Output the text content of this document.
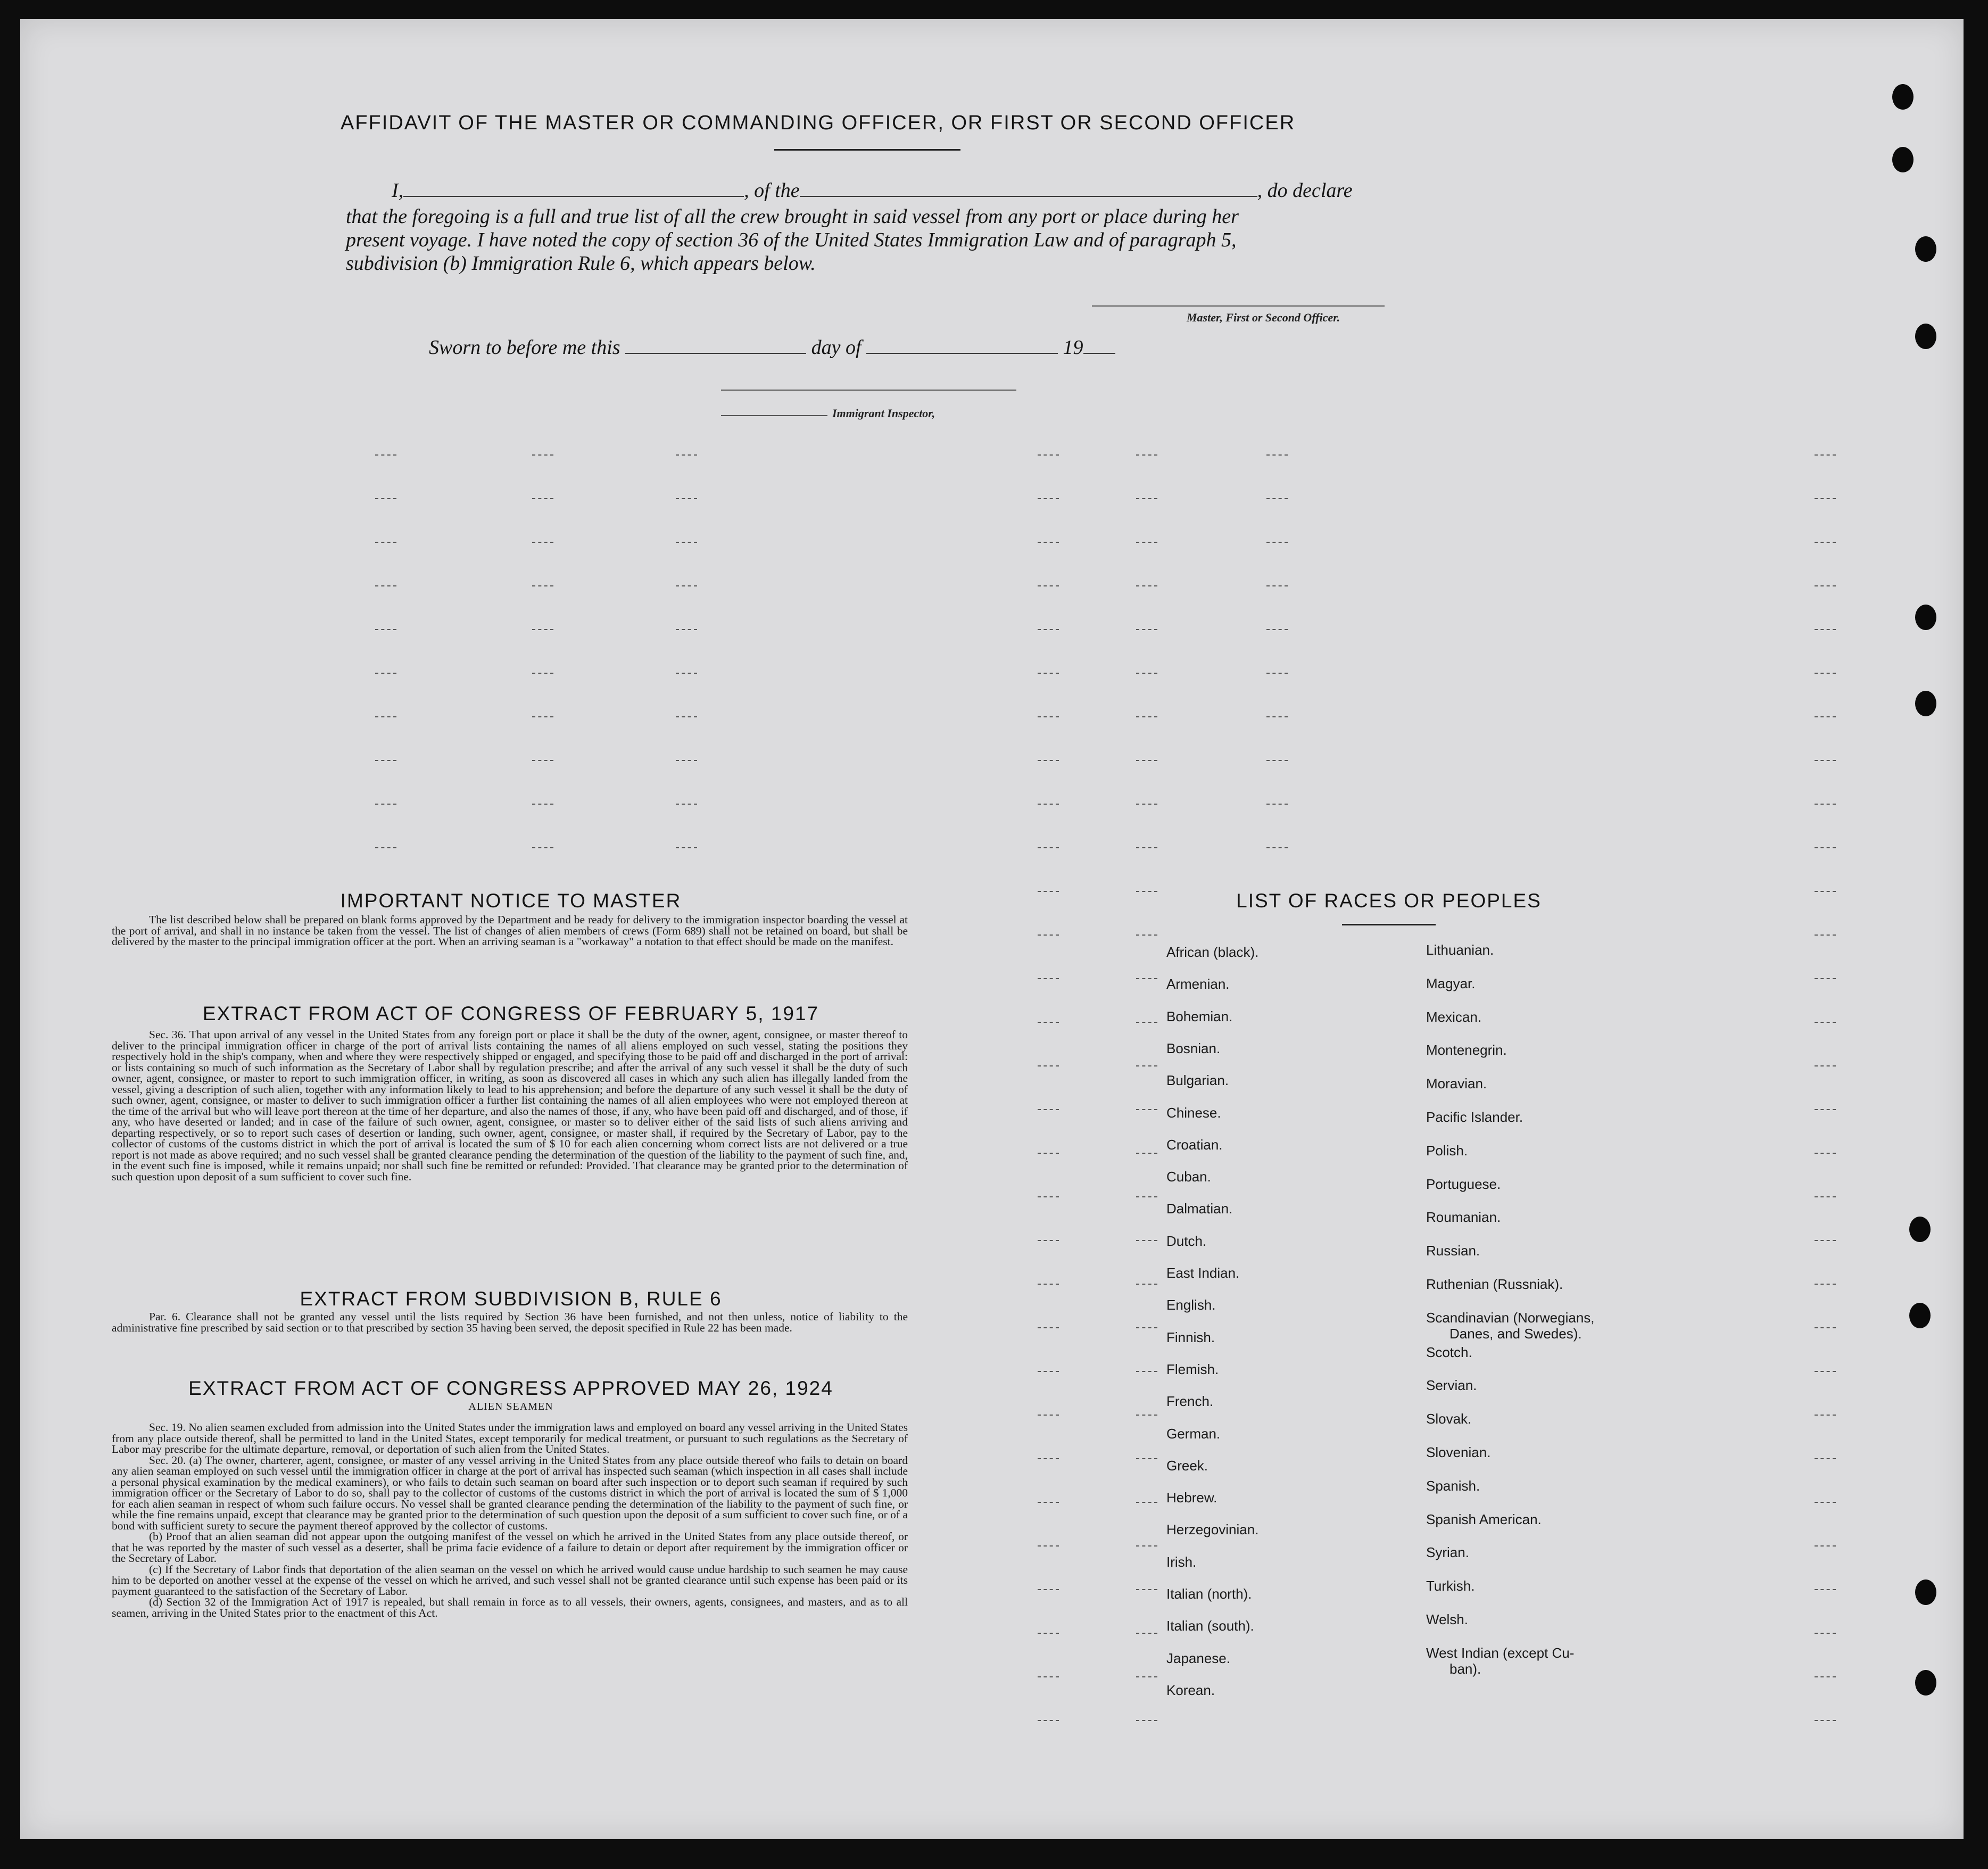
AFFIDAVIT OF THE MASTER OR COMMANDING OFFICER, OR FIRST OR SECOND OFFICER
I,	, of the	, do declare
that the foregoing is a full and true list of all the crew brought in said vessel from any port or place during her
present voyage. I have noted the copy of section 36 of the United States Immigration Law and of paragraph 5,
subdivision (b) Immigration Rule 6, which appears below.
Master, First or Second Officer.
Sworn to before me this	day of	19
Immigrant Inspector,
IMPORTANT NOTICE TO MASTER
The list described below shall be prepared on blank forms approved by the Department and be ready for delivery to the immigration inspector boarding the vessel at the port of arrival, and shall in no instance be taken from the vessel. The list of changes of alien members of crews (Form 689) shall not be retained on board, but shall be delivered by the master to the principal immigration officer at the port. When an arriving seaman is a "workaway" a notation to that effect should be made on the manifest.
EXTRACT FROM ACT OF CONGRESS OF FEBRUARY 5, 1917
Sec. 36. That upon arrival of any vessel in the United States from any foreign port or place it shall be the duty of the owner, agent, consignee, or master thereof to deliver to the principal immigration officer in charge of the port of arrival lists containing the names of all aliens employed on such vessel, stating the positions they respectively hold in the ship's company, when and where they were respectively shipped or engaged, and specifying those to be paid off and discharged in the port of arrival: or lists containing so much of such information as the Secretary of Labor shall by regulation prescribe; and after the arrival of any such vessel it shall be the duty of such owner, agent, consignee, or master to report to such immigration officer, in writing, as soon as discovered all cases in which any such alien has illegally landed from the vessel, giving a description of such alien, together with any information likely to lead to his apprehension; and before the departure of any such vessel it shall be the duty of such owner, agent, consignee, or master to deliver to such immigration officer a further list containing the names of all alien employees who were not employed thereon at the time of the arrival but who will leave port thereon at the time of her departure, and also the names of those, if any, who have been paid off and discharged, and of those, if any, who have deserted or landed; and in case of the failure of such owner, agent, consignee, or master so to deliver either of the said lists of such aliens arriving and departing respectively, or so to report such cases of desertion or landing, such owner, agent, consignee, or master shall, if required by the Secretary of Labor, pay to the collector of customs of the customs district in which the port of arrival is located the sum of $ 10 for each alien concerning whom correct lists are not delivered or a true report is not made as above required; and no such vessel shall be granted clearance pending the determination of the question of the liability to the payment of such fine, and, in the event such fine is imposed, while it remains unpaid; nor shall such fine be remitted or refunded: Provided. That clearance may be granted prior to the determination of such question upon deposit of a sum sufficient to cover such fine.
EXTRACT FROM SUBDIVISION B, RULE 6
Par. 6. Clearance shall not be granted any vessel until the lists required by Section 36 have been furnished, and not then unless, notice of liability to the administrative fine prescribed by said section or to that prescribed by section 35 having been served, the deposit specified in Rule 22 has been made.
EXTRACT FROM ACT OF CONGRESS APPROVED MAY 26, 1924
ALIEN SEAMEN

Sec. 19. No alien seamen excluded from admission into the United States under the immigration laws and employed on board any vessel arriving in the United States from any place outside thereof, shall be permitted to land in the United States, except temporarily for medical treatment, or pursuant to such regulations as the Secretary of Labor may prescribe for the ultimate departure, removal, or deportation of such alien from the United States.

Sec. 20. (a) The owner, charterer, agent, consignee, or master of any vessel arriving in the United States from any place outside thereof who fails to detain on board any alien seaman employed on such vessel until the immigration officer in charge at the port of arrival has inspected such seaman (which inspection in all cases shall include a personal physical examination by the medical examiners), or who fails to detain such seaman on board after such inspection or to deport such seaman if required by such immigration officer or the Secretary of Labor to do so, shall pay to the collector of customs of the customs district in which the port of arrival is located the sum of $ 1,000 for each alien seaman in respect of whom such failure occurs. No vessel shall be granted clearance pending the determination of the liability to the payment of such fine, or while the fine remains unpaid, except that clearance may be granted prior to the determination of such question upon the deposit of a sum sufficient to cover such fine, or of a bond with sufficient surety to secure the payment thereof approved by the collector of customs.

(b) Proof that an alien seaman did not appear upon the outgoing manifest of the vessel on which he arrived in the United States from any place outside thereof, or that he was reported by the master of such vessel as a deserter, shall be prima facie evidence of a failure to detain or deport after requirement by the immigration officer or the Secretary of Labor.

(c) If the Secretary of Labor finds that deportation of the alien seaman on the vessel on which he arrived would cause undue hardship to such seamen he may cause him to be deported on another vessel at the expense of the vessel on which he arrived, and such vessel shall not be granted clearance until such expense has been paid or its payment guaranteed to the satisfaction of the Secretary of Labor.

(d) Section 32 of the Immigration Act of 1917 is repealed, but shall remain in force as to all vessels, their owners, agents, consignees, and masters, and as to all seamen, arriving in the United States prior to the enactment of this Act.

LIST OF RACES OR PEOPLES
African (black).
Armenian.
Bohemian.
Bosnian.
Bulgarian.
Chinese.
Croatian.
Cuban.
Dalmatian.
Dutch.
East Indian.
English.
Finnish.
Flemish.
French.
German.
Greek.
Hebrew.
Herzegovinian.
Irish.
Italian (north).
Italian (south).
Japanese.
Korean.
Lithuanian.
Magyar.
Mexican.
Montenegrin.
Moravian.
Pacific Islander.
Polish.
Portuguese.
Roumanian.
Russian.
Ruthenian (Russniak).
Scandinavian (Norwegians,
Danes, and Swedes).
Scotch.
Servian.
Slovak.
Slovenian.
Spanish.
Spanish American.
Syrian.
Turkish.
Welsh.
West Indian (except Cu-
ban).
